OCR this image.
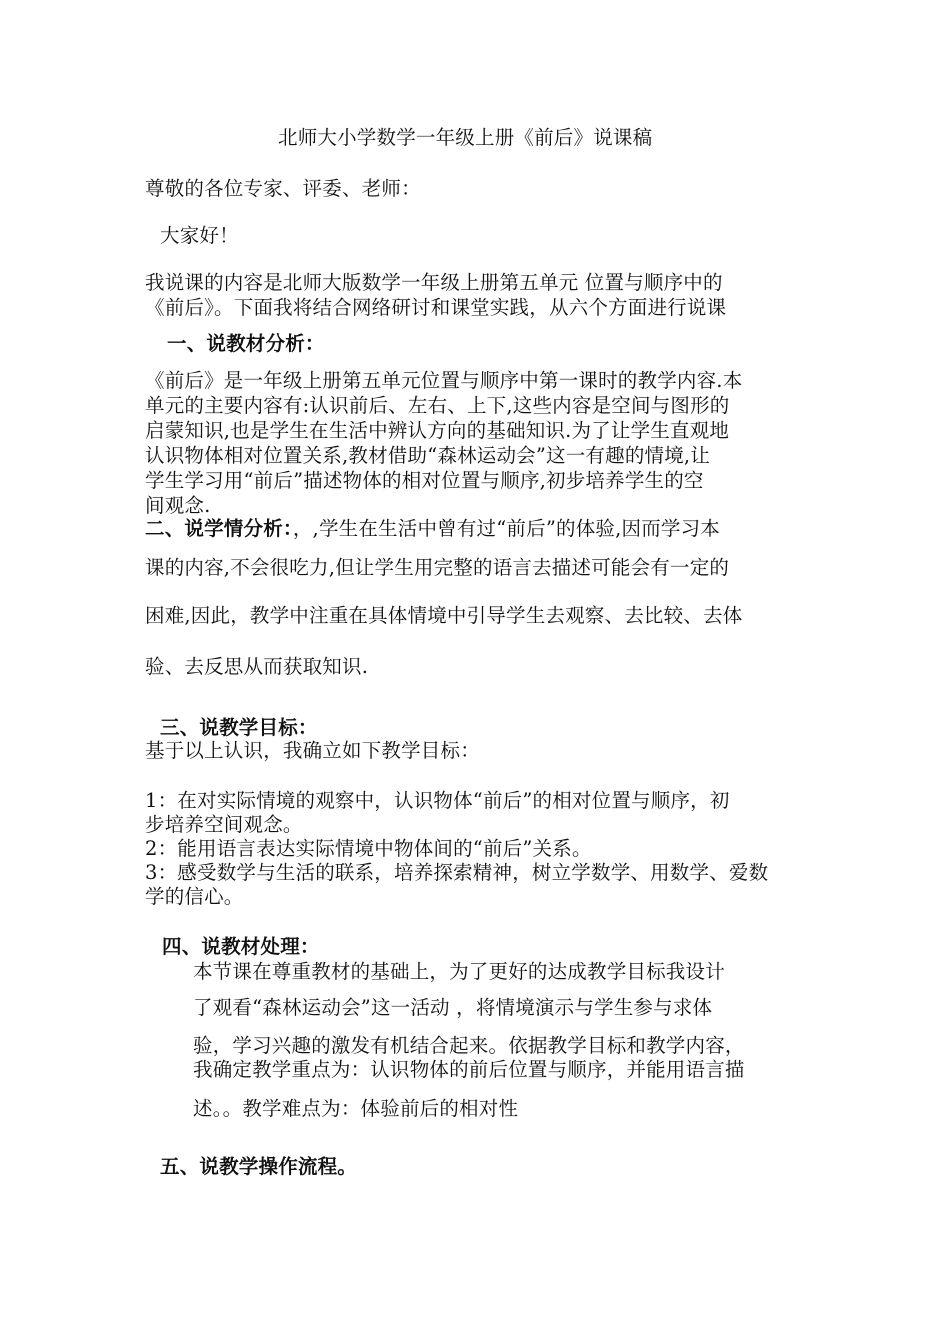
北师大小学数学一年级上册《前后》说课稿
尊敬的各位专家、评委、老师：
大家好！
我说课的内容是北师大版数学一年级上册第五单元 位置与顺序中的
《前后》。下面我将结合网络研讨和课堂实践，从六个方面进行说课
一、说教材分析：
《前后》是一年级上册第五单元位置与顺序中第一课时的教学内容.本
单元的主要内容有:认识前后、左右、上下,这些内容是空间与图形的
启蒙知识,也是学生在生活中辨认方向的基础知识.为了让学生直观地
认识物体相对位置关系,教材借助“森林运动会”这一有趣的情境,让
学生学习用“前后”描述物体的相对位置与顺序,初步培养学生的空
间观念.
二、说学情分析：，,学生在生活中曾有过“前后”的体验,因而学习本
课的内容,不会很吃力,但让学生用完整的语言去描述可能会有一定的
困难,因此，教学中注重在具体情境中引导学生去观察、去比较、去体
验、去反思从而获取知识.
三、说教学目标：
基于以上认识，我确立如下教学目标：
1：在对实际情境的观察中，认识物体“前后”的相对位置与顺序，初
步培养空间观念。
2：能用语言表达实际情境中物体间的“前后”关系。
3：感受数学与生活的联系，培养探索精神，树立学数学、用数学、爱数
学的信心。
四、说教材处理：
本节课在尊重教材的基础上，为了更好的达成教学目标我设计
了观看“森林运动会”这一活动 ，将情境演示与学生参与求体
验，学习兴趣的激发有机结合起来。依据教学目标和教学内容，
我确定教学重点为：认识物体的前后位置与顺序，并能用语言描
述。。教学难点为：体验前后的相对性
五、说教学操作流程。
